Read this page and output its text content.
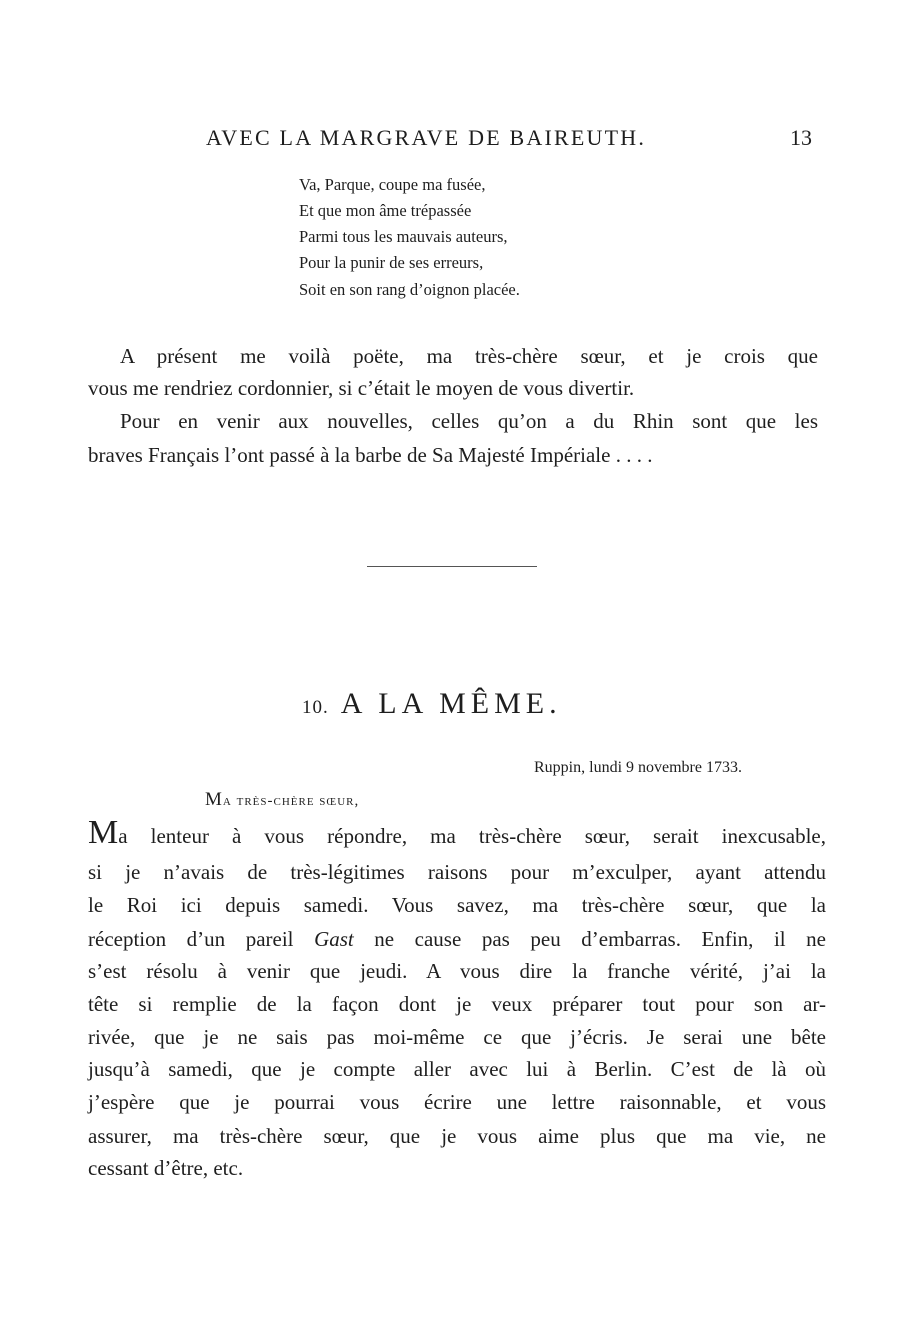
AVEC LA MARGRAVE DE BAIREUTH.	13
Va, Parque, coupe ma fusée,
Et que mon âme trépassée
Parmi tous les mauvais auteurs,
Pour la punir de ses erreurs,
Soit en son rang d’oignon placée.
A présent me voilà poëte, ma très-chère sœur, et je crois que
vous me rendriez cordonnier, si c’était le moyen de vous divertir.
Pour en venir aux nouvelles, celles qu’on a du Rhin sont que les
braves Français l’ont passé à la barbe de Sa Majesté Impériale . . . .
10. A LA MÊME.
Ruppin, lundi 9 novembre 1733.
Ma très-chère sœur,
Ma lenteur à vous répondre, ma très-chère sœur, serait inexcusable,
si je n’avais de très-légitimes raisons pour m’exculper, ayant attendu
le Roi ici depuis samedi. Vous savez, ma très-chère sœur, que la
réception d’un pareil Gast ne cause pas peu d’embarras. Enfin, il ne
s’est résolu à venir que jeudi. A vous dire la franche vérité, j’ai la
tête si remplie de la façon dont je veux préparer tout pour son ar-
rivée, que je ne sais pas moi-même ce que j’écris. Je serai une bête
jusqu’à samedi, que je compte aller avec lui à Berlin. C’est de là où
j’espère que je pourrai vous écrire une lettre raisonnable, et vous
assurer, ma très-chère sœur, que je vous aime plus que ma vie, ne
cessant d’être, etc.
